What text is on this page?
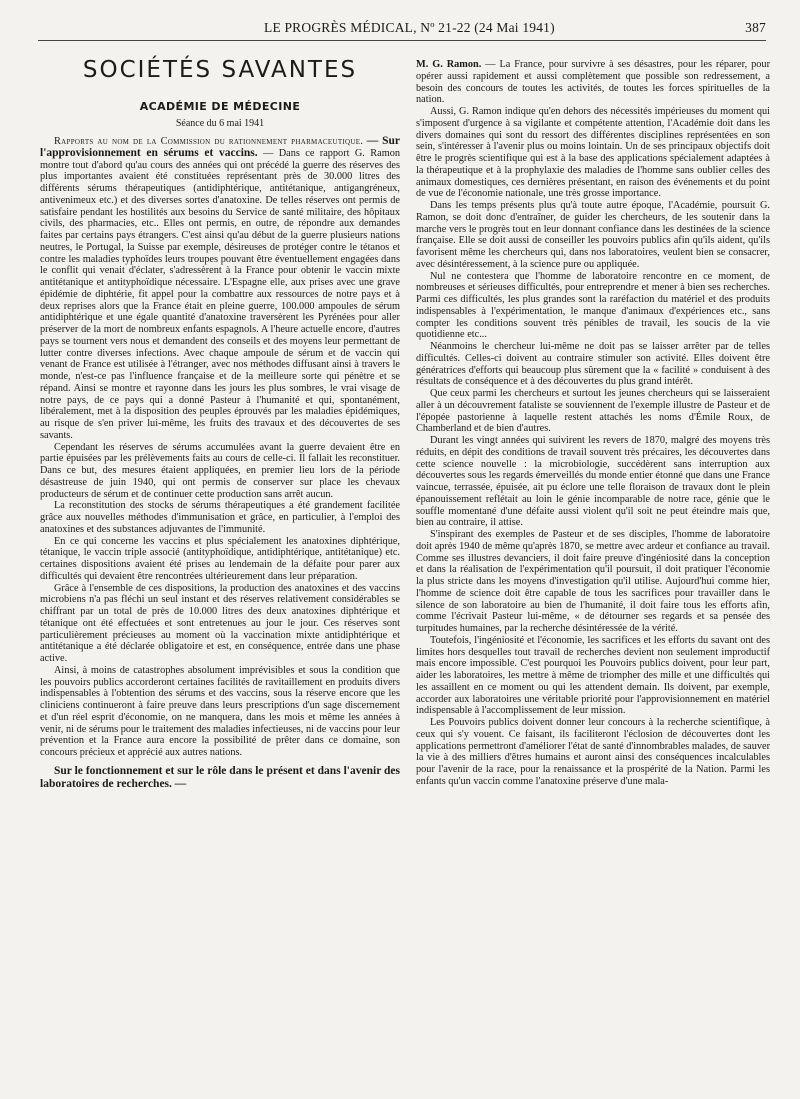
LE PROGRÈS MÉDICAL, Nº 21-22 (24 Mai 1941)	387
SOCIÉTÉS SAVANTES
ACADÉMIE DE MÉDECINE
Séance du 6 mai 1941

Rapports au nom de la Commission du rationnement pharmaceutique. — Sur l'approvisionnement en sérums et vaccins. — Dans ce rapport G. Ramon montre tout d'abord qu'au cours des années qui ont précédé la guerre des réserves des plus importantes avaient été constituées représentant près de 30.000 litres des différents sérums thérapeutiques (antidiphtérique, antitétanique, antigangréneux, antivenimeux etc.) et des diverses sortes d'anatoxine. De telles réserves ont permis de satisfaire pendant les hostilités aux besoins du Service de santé militaire, des hôpitaux civils, des pharmacies, etc.. Elles ont permis, en outre, de répondre aux demandes faites par certains pays étrangers. C'est ainsi qu'au début de la guerre plusieurs nations neutres, le Portugal, la Suisse par exemple, désireuses de protéger contre le tétanos et contre les maladies typhoïdes leurs troupes pouvant être éventuellement engagées dans le conflit qui venait d'éclater, s'adressèrent à la France pour obtenir le vaccin mixte antitétanique et antityphoïdique nécessaire. L'Espagne elle, aux prises avec une grave épidémie de diphtérie, fit appel pour la combattre aux ressources de notre pays et à deux reprises alors que la France était en pleine guerre, 100.000 ampoules de sérum antidiphtérique et une égale quantité d'anatoxine traversèrent les Pyrénées pour aller préserver de la mort de nombreux enfants espagnols. A l'heure actuelle encore, d'autres pays se tournent vers nous et demandent des conseils et des moyens leur permettant de lutter contre diverses infections. Avec chaque ampoule de sérum et de vaccin qui venant de France est utilisée à l'étranger, avec nos méthodes diffusant ainsi à travers le monde, n'est-ce pas l'influence française et de la meilleure sorte qui pénètre et se répand. Ainsi se montre et rayonne dans les jours les plus sombres, le vrai visage de notre pays, de ce pays qui a donné Pasteur à l'humanité et qui, spontanément, libéralement, met à la disposition des peuples éprouvés par les maladies épidémiques, au risque de s'en priver lui-même, les fruits des travaux et des découvertes de ses savants.

Cependant les réserves de sérums accumulées avant la guerre devaient être en partie épuisées par les prélèvements faits au cours de celle-ci. Il fallait les reconstituer. Dans ce but, des mesures étaient appliquées, en premier lieu lors de la période désastreuse de juin 1940, qui ont permis de conserver sur place les chevaux producteurs de sérum et de continuer cette production sans arrêt aucun.

La reconstitution des stocks de sérums thérapeutiques a été grandement facilitée grâce aux nouvelles méthodes d'immunisation et grâce, en particulier, à l'emploi des anatoxines et des substances adjuvantes de l'immunité.

En ce qui concerne les vaccins et plus spécialement les anatoxines diphtérique, tétanique, le vaccin triple associé (antityphoïdique, antidiphtérique, antitétanique) etc. certaines dispositions avaient été prises au lendemain de la défaite pour parer aux difficultés qui devaient être rencontrées ultérieurement dans leur préparation.

Grâce à l'ensemble de ces dispositions, la production des anatoxines et des vaccins microbiens n'a pas fléchi un seul instant et des réserves relativement considérables se chiffrant par un total de près de 10.000 litres des deux anatoxines diphtérique et tétanique ont été effectuées et sont entretenues au jour le jour. Ces réserves sont particulièrement précieuses au moment où la vaccination mixte antidiphtérique et antitétanique a été déclarée obligatoire et est, en conséquence, entrée dans une phase active.

Ainsi, à moins de catastrophes absolument imprévisibles et sous la condition que les pouvoirs publics accorderont certaines facilités de ravitaillement en produits divers indispensables à l'obtention des sérums et des vaccins, sous la réserve encore que les cliniciens continueront à faire preuve dans leurs prescriptions d'un sage discernement et d'un réel esprit d'économie, on ne manquera, dans les mois et même les années à venir, ni de sérums pour le traitement des maladies infectieuses, ni de vaccins pour leur prévention et la France aura encore la possibilité de prêter dans ce domaine, son concours précieux et apprécié aux autres nations.

Sur le fonctionnement et sur le rôle dans le présent et dans l'avenir des laboratoires de recherches. —

M. G. Ramon. — La France, pour survivre à ses désastres, pour les réparer, pour opérer aussi rapidement et aussi complètement que possible son redressement, a besoin des concours de toutes les activités, de toutes les forces spirituelles de la nation.

Aussi, G. Ramon indique qu'en dehors des nécessités impérieuses du moment qui s'imposent d'urgence à sa vigilante et compétente attention, l'Académie doit dans les divers domaines qui sont du ressort des différentes disciplines représentées en son sein, s'intéresser à l'avenir plus ou moins lointain. Un de ses principaux objectifs doit être le progrès scientifique qui est à la base des applications spécialement adaptées à la thérapeutique et à la prophylaxie des maladies de l'homme sans oublier celles des animaux domestiques, ces dernières présentant, en raison des événements et du point de vue de l'économie nationale, une très grosse importance.

Dans les temps présents plus qu'à toute autre époque, l'Académie, poursuit G. Ramon, se doit donc d'entraîner, de guider les chercheurs, de les soutenir dans la marche vers le progrès tout en leur donnant confiance dans les destinées de la science française. Elle se doit aussi de conseiller les pouvoirs publics afin qu'ils aident, qu'ils favorisent même les chercheurs qui, dans nos laboratoires, veulent bien se consacrer, avec désintéressement, à la science pure ou appliquée.

Nul ne contestera que l'homme de laboratoire rencontre en ce moment, de nombreuses et sérieuses difficultés, pour entreprendre et mener à bien ses recherches. Parmi ces difficultés, les plus grandes sont la raréfaction du matériel et des produits indispensables à l'expérimentation, le manque d'animaux d'expériences etc., sans compter les conditions souvent très pénibles de travail, les soucis de la vie quotidienne etc...

Néanmoins le chercheur lui-même ne doit pas se laisser arrêter par de telles difficultés. Celles-ci doivent au contraire stimuler son activité. Elles doivent être génératrices d'efforts qui beaucoup plus sûrement que la « facilité » conduisent à des résultats de conséquence et à des découvertes du plus grand intérêt.

Que ceux parmi les chercheurs et surtout les jeunes chercheurs qui se laisseraient aller à un découvrement fataliste se souviennent de l'exemple illustre de Pasteur et de l'épopée pastorienne à laquelle restent attachés les noms d'Émile Roux, de Chamberland et de bien d'autres.

Durant les vingt années qui suivirent les revers de 1870, malgré des moyens très réduits, en dépit des conditions de travail souvent très précaires, les découvertes dans cette science nouvelle : la microbiologie, succédèrent sans interruption aux découvertes sous les regards émerveillés du monde entier étonné que dans une France vaincue, terrassée, épuisée, ait pu éclore une telle floraison de travaux dont le plein épanouissement reflétait au loin le génie incomparable de notre race, génie que le souffle momentané d'une défaite aussi violent qu'il soit ne peut éteindre mais que, bien au contraire, il attise.

S'inspirant des exemples de Pasteur et de ses disciples, l'homme de laboratoire doit après 1940 de même qu'après 1870, se mettre avec ardeur et confiance au travail. Comme ses illustres devanciers, il doit faire preuve d'ingéniosité dans la conception et dans la réalisation de l'expérimentation qu'il poursuit, il doit pratiquer l'économie la plus stricte dans les moyens d'investigation qu'il utilise. Aujourd'hui comme hier, l'homme de science doit être capable de tous les sacrifices pour travailler dans le silence de son laboratoire au bien de l'humanité, il doit faire tous les efforts afin, comme l'écrivait Pasteur lui-même, « de détourner ses regards et sa pensée des turpitudes humaines, par la recherche désintéressée de la vérité.

Toutefois, l'ingéniosité et l'économie, les sacrifices et les efforts du savant ont des limites hors desquelles tout travail de recherches devient non seulement improductif mais encore impossible. C'est pourquoi les Pouvoirs publics doivent, pour leur part, aider les laboratoires, les mettre à même de triompher des mille et une difficultés qui les assaillent en ce moment ou qui les attendent demain. Ils doivent, par exemple, accorder aux laboratoires une véritable priorité pour l'approvisionnement en matériel indispensable à l'accomplissement de leur mission.

Les Pouvoirs publics doivent donner leur concours à la recherche scientifique, à ceux qui s'y vouent. Ce faisant, ils faciliteront l'éclosion de découvertes dont les applications permettront d'améliorer l'état de santé d'innombrables malades, de sauver la vie à des milliers d'êtres humains et auront ainsi des conséquences incalculables pour l'avenir de la race, pour la renaissance et la prospérité de la Nation. Parmi les enfants qu'un vaccin comme l'anatoxine préserve d'une mala-
